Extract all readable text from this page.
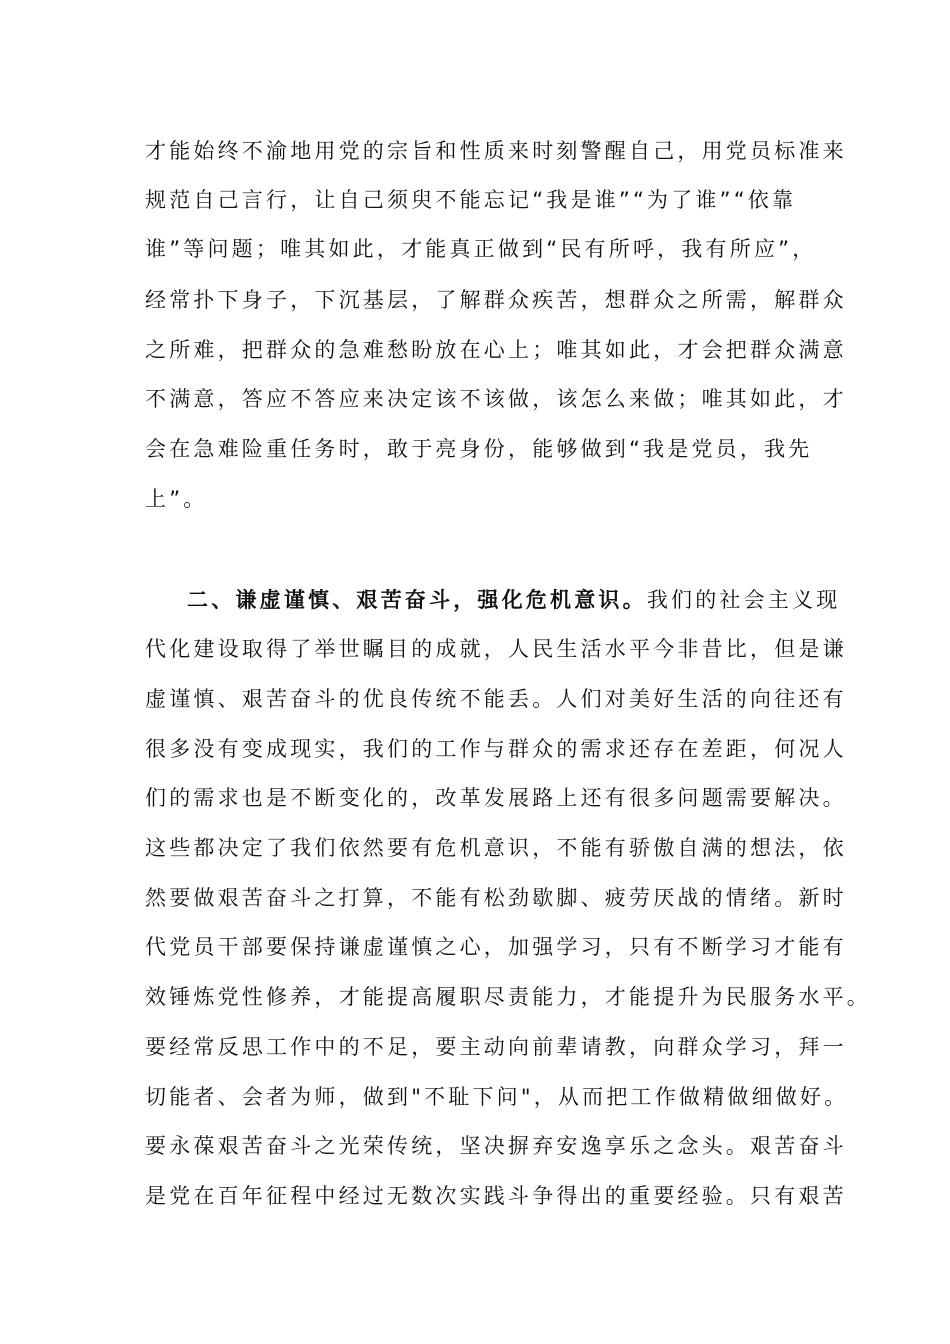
才能始终不渝地用党的宗旨和性质来时刻警醒自己，用党员标准来
规范自己言行，让自己须臾不能忘记“我是谁”“为了谁”“依靠
谁”等问题；唯其如此，才能真正做到“民有所呼，我有所应”，
经常扑下身子，下沉基层，了解群众疾苦，想群众之所需，解群众
之所难，把群众的急难愁盼放在心上；唯其如此，才会把群众满意
不满意，答应不答应来决定该不该做，该怎么来做；唯其如此，才
会在急难险重任务时，敢于亮身份，能够做到“我是党员，我先
上”。
二、谦虚谨慎、艰苦奋斗，强化危机意识。我们的社会主义现
代化建设取得了举世瞩目的成就，人民生活水平今非昔比，但是谦
虚谨慎、艰苦奋斗的优良传统不能丢。人们对美好生活的向往还有
很多没有变成现实，我们的工作与群众的需求还存在差距，何况人
们的需求也是不断变化的，改革发展路上还有很多问题需要解决。
这些都决定了我们依然要有危机意识，不能有骄傲自满的想法，依
然要做艰苦奋斗之打算，不能有松劲歇脚、疲劳厌战的情绪。新时
代党员干部要保持谦虚谨慎之心，加强学习，只有不断学习才能有
效锤炼党性修养，才能提高履职尽责能力，才能提升为民服务水平。
要经常反思工作中的不足，要主动向前辈请教，向群众学习，拜一
切能者、会者为师，做到"不耻下问"，从而把工作做精做细做好。
要永葆艰苦奋斗之光荣传统，坚决摒弃安逸享乐之念头。艰苦奋斗
是党在百年征程中经过无数次实践斗争得出的重要经验。只有艰苦
